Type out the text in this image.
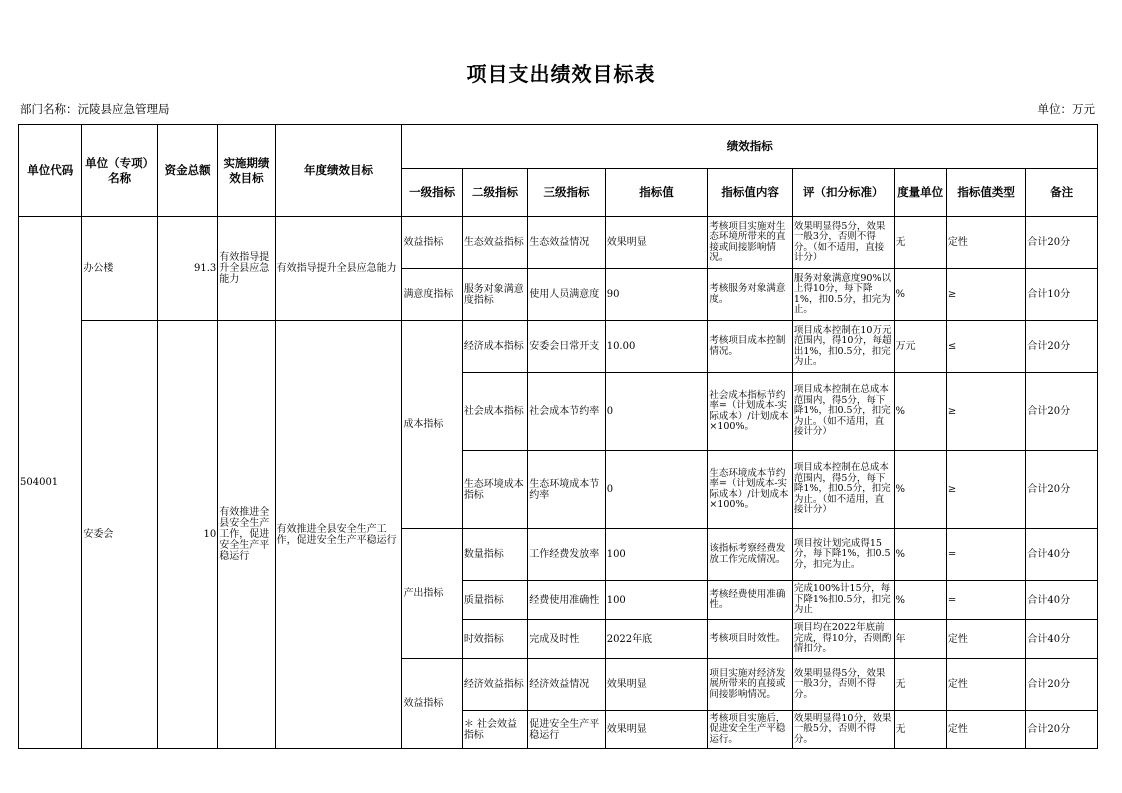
项目支出绩效目标表
部门名称：沅陵县应急管理局	单位：万元
单位代码	单位（专项）名称	资金总额	实施期绩效目标	年度绩效目标	绩效指标								
					一级指标	二级指标	三级指标	指标值	指标值内容	评（扣分标准）	度量单位	指标值类型	备注
504001	办公楼	91.3	有效指导提升全县应急能力	有效指导提升全县应急能力	效益指标	生态效益指标	生态效益情况	效果明显	考核项目实施对生态环境所带来的直接或间接影响情况。	效果明显得5分，效果一般3分，否则不得分。（如不适用，直接计分）	无	定性	合计20分
					满意度指标	服务对象满意度指标	使用人员满意度	90	考核服务对象满意度。	服务对象满意度90%以上得10分，每下降1%，扣0.5分，扣完为止。	%	≥	合计10分
	安委会	10	有效推进全县安全生产工作，促进安全生产平稳运行	有效推进全县安全生产工作，促进安全生产平稳运行	成本指标	经济成本指标	安委会日常开支	10.00	考核项目成本控制情况。	项目成本控制在10万元范围内，得10分，每超出1%，扣0.5分，扣完为止。	万元	≤	合计20分
						社会成本指标	社会成本节约率	0	社会成本指标节约率=（计划成本-实际成本）/计划成本×100%。	项目成本控制在总成本范围内，得5分，每下降1%，扣0.5分，扣完为止。（如不适用，直接计分）	%	≥	合计20分
						生态环境成本指标	生态环境成本节约率	0	生态环境成本节约率=（计划成本-实际成本）/计划成本×100%。	项目成本控制在总成本范围内，得5分，每下降1%，扣0.5分，扣完为止。（如不适用，直接计分）	%	≥	合计20分
					产出指标	数量指标	工作经费发放率	100	该指标考察经费发放工作完成情况。	项目按计划完成得15分，每下降1%，扣0.5分，扣完为止。	%	=	合计40分
						质量指标	经费使用准确性	100	考核经费使用准确性。	完成100%计15分，每下降1%扣0.5分，扣完为止	%	=	合计40分
						时效指标	完成及时性	2022年底	考核项目时效性。	项目均在2022年底前完成，得10分，否则酌情扣分。	年	定性	合计40分
					效益指标	经济效益指标	经济效益情况	效果明显	项目实施对经济发展所带来的直接或间接影响情况。	效果明显得5分，效果一般3分，否则不得分。	无	定性	合计20分
						＊ 社会效益指标	促进安全生产平稳运行	效果明显	考核项目实施后，促进安全生产平稳运行。	效果明显得10分，效果一般5分，否则不得分。	无	定性	合计20分
